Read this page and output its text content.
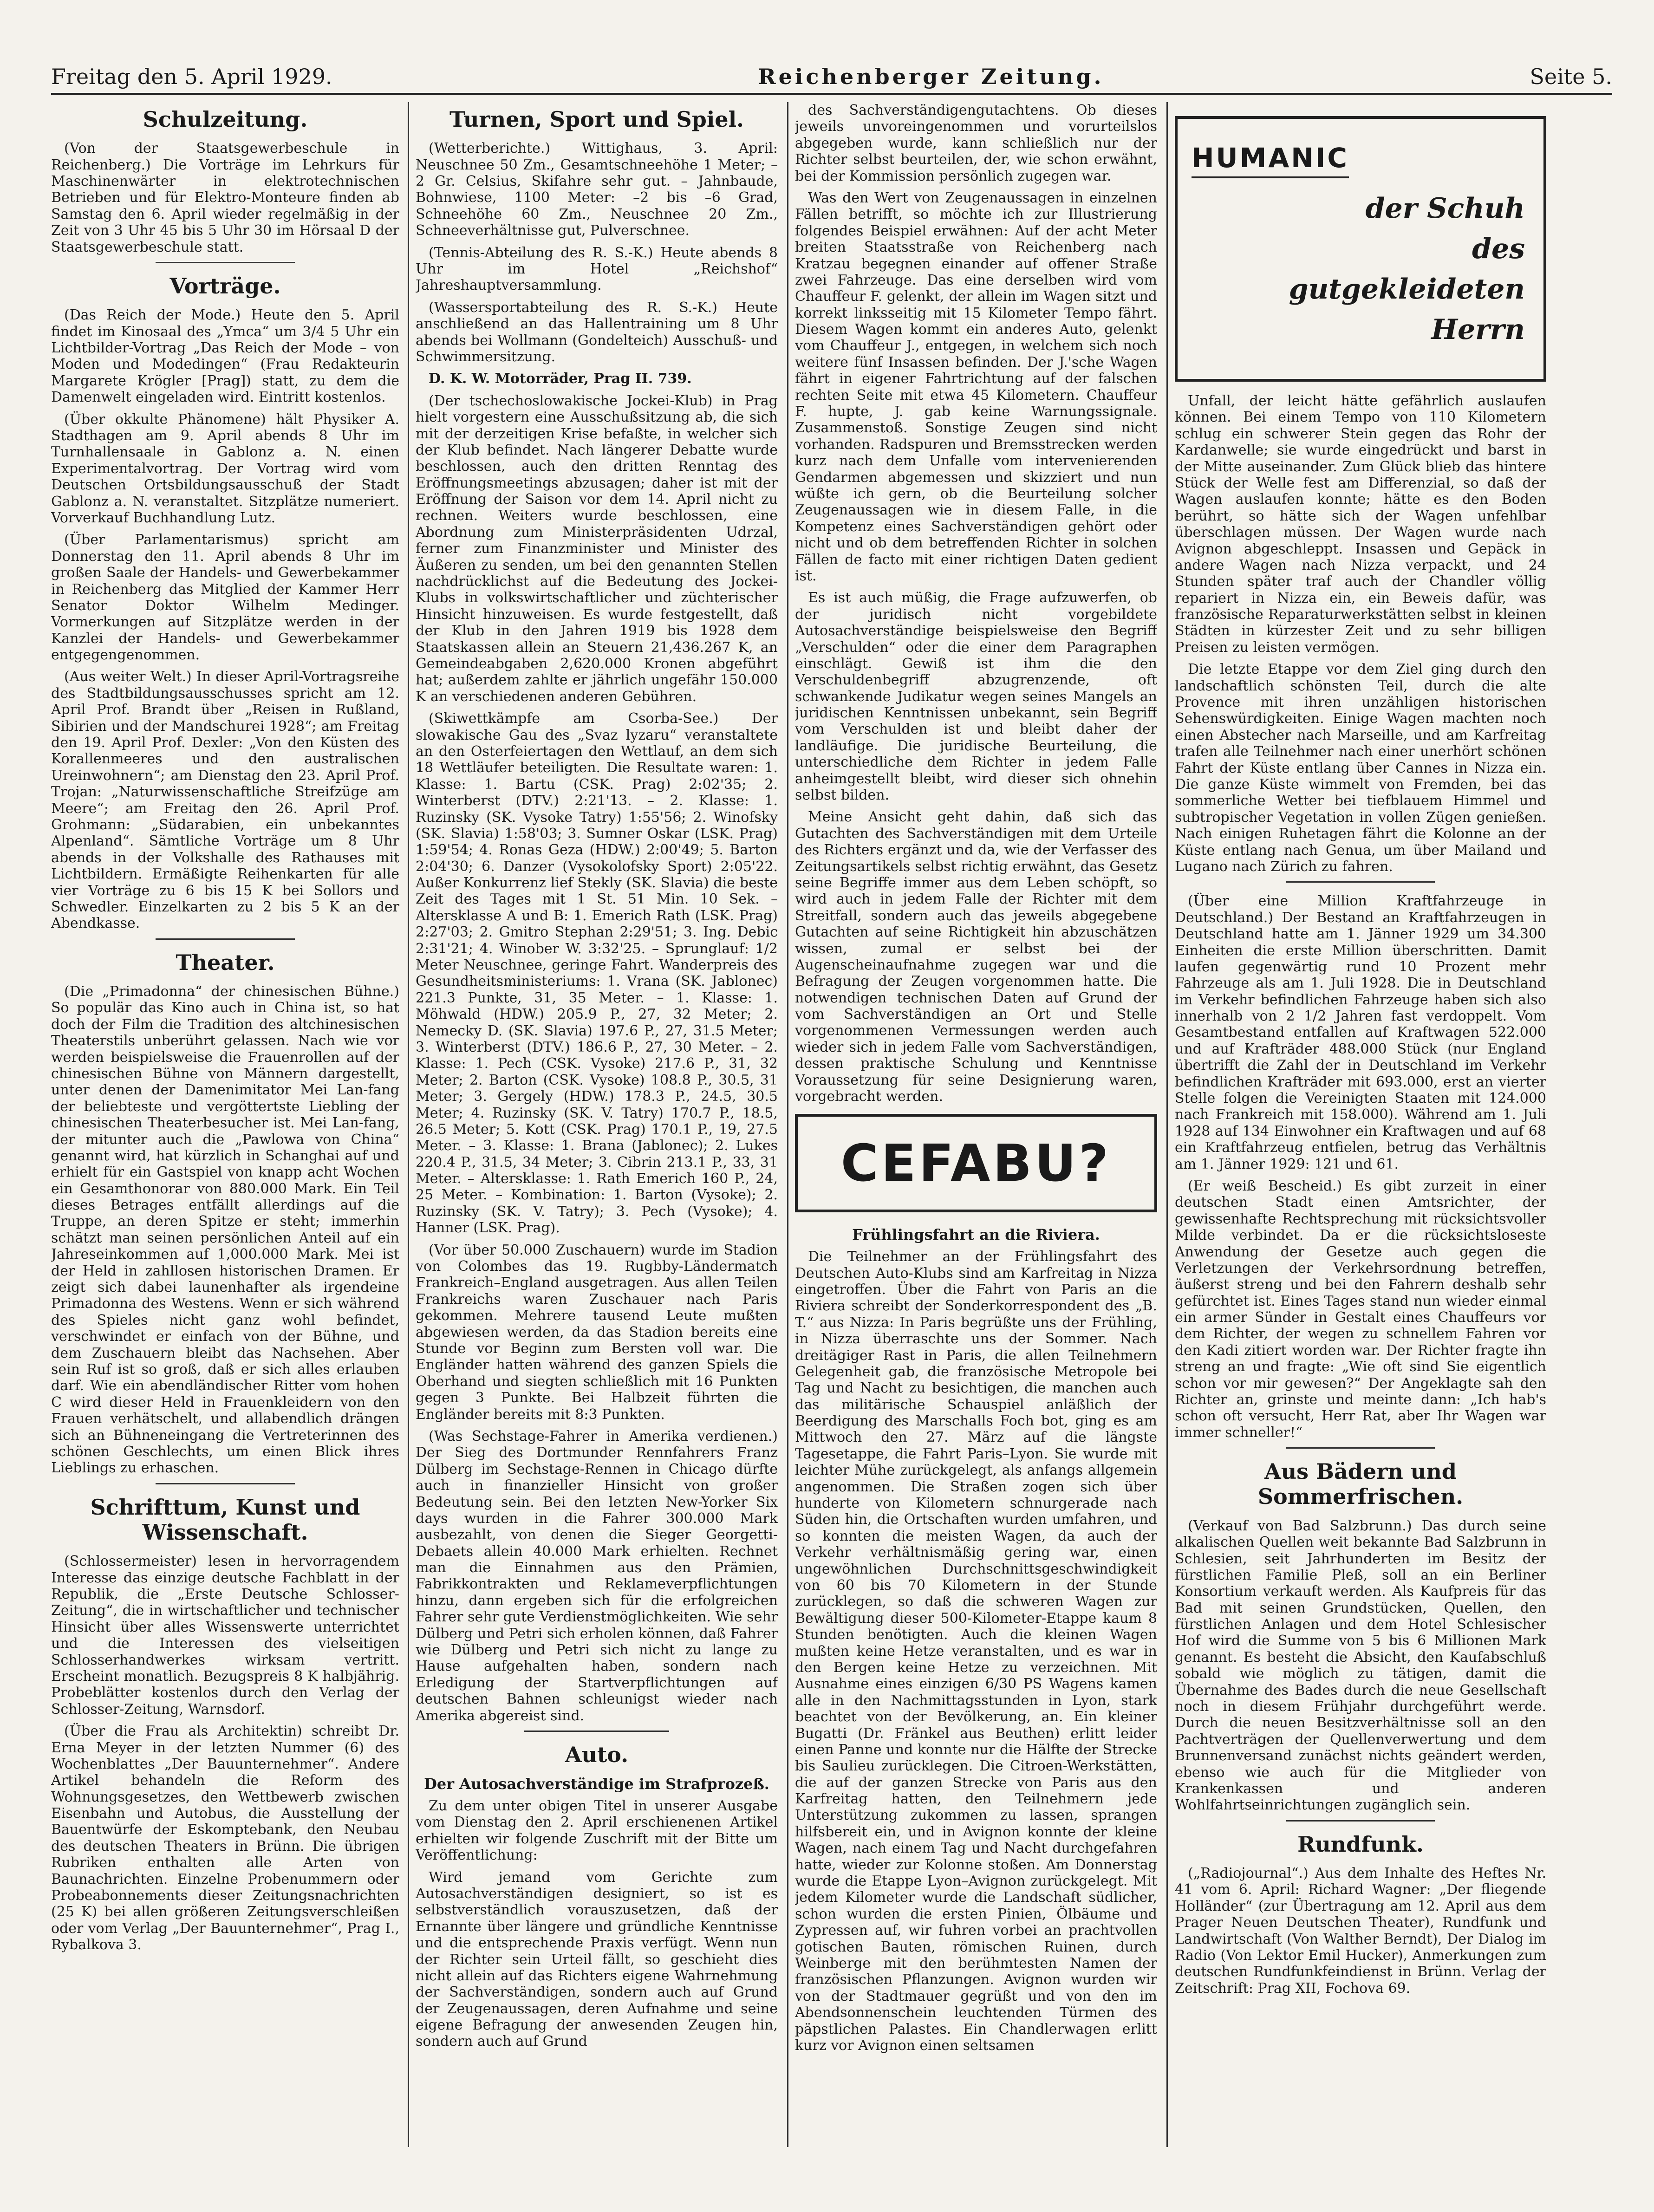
Freitag den 5. April 1929.	Reichenberger Zeitung.	Seite 5.
Schulzeitung.

(Von der Staatsgewerbeschule in Reichenberg.) Die Vorträge im Lehrkurs für Maschinenwärter in elektrotechnischen Betrieben und für Elektro-Monteure finden ab Samstag den 6. April wieder regelmäßig in der Zeit von 3 Uhr 45 bis 5 Uhr 30 im Hörsaal D der Staatsgewerbeschule statt.

Vorträge.

(Das Reich der Mode.) Heute den 5. April findet im Kinosaal des „Ymca“ um 3/4 5 Uhr ein Lichtbilder-Vortrag „Das Reich der Mode – von Moden und Modedingen“ (Frau Redakteurin Margarete Krögler [Prag]) statt, zu dem die Damenwelt eingeladen wird. Eintritt kostenlos.

(Über okkulte Phänomene) hält Physiker A. Stadthagen am 9. April abends 8 Uhr im Turnhallensaale in Gablonz a. N. einen Experimentalvortrag. Der Vortrag wird vom Deutschen Ortsbildungsausschuß der Stadt Gablonz a. N. veranstaltet. Sitzplätze numeriert. Vorverkauf Buchhandlung Lutz.

(Über Parlamentarismus) spricht am Donnerstag den 11. April abends 8 Uhr im großen Saale der Handels- und Gewerbekammer in Reichenberg das Mitglied der Kammer Herr Senator Doktor Wilhelm Medinger. Vormerkungen auf Sitzplätze werden in der Kanzlei der Handels- und Gewerbekammer entgegengenommen.

(Aus weiter Welt.) In dieser April-Vortragsreihe des Stadtbildungsausschusses spricht am 12. April Prof. Brandt über „Reisen in Rußland, Sibirien und der Mandschurei 1928“; am Freitag den 19. April Prof. Dexler: „Von den Küsten des Korallenmeeres und den australischen Ureinwohnern“; am Dienstag den 23. April Prof. Trojan: „Naturwissenschaftliche Streifzüge am Meere“; am Freitag den 26. April Prof. Grohmann: „Südarabien, ein unbekanntes Alpenland“. Sämtliche Vorträge um 8 Uhr abends in der Volkshalle des Rathauses mit Lichtbildern. Ermäßigte Reihenkarten für alle vier Vorträge zu 6 bis 15 K bei Sollors und Schwedler. Einzelkarten zu 2 bis 5 K an der Abendkasse.

Theater.

(Die „Primadonna“ der chinesischen Bühne.) So populär das Kino auch in China ist, so hat doch der Film die Tradition des altchinesischen Theaterstils unberührt gelassen. Nach wie vor werden beispielsweise die Frauenrollen auf der chinesischen Bühne von Männern dargestellt, unter denen der Damenimitator Mei Lan-fang der beliebteste und vergöttertste Liebling der chinesischen Theaterbesucher ist. Mei Lan-fang, der mitunter auch die „Pawlowa von China“ genannt wird, hat kürzlich in Schanghai auf und erhielt für ein Gastspiel von knapp acht Wochen ein Gesamthonorar von 880.000 Mark. Ein Teil dieses Betrages entfällt allerdings auf die Truppe, an deren Spitze er steht; immerhin schätzt man seinen persönlichen Anteil auf ein Jahreseinkommen auf 1,000.000 Mark. Mei ist der Held in zahllosen historischen Dramen. Er zeigt sich dabei launenhafter als irgendeine Primadonna des Westens. Wenn er sich während des Spieles nicht ganz wohl befindet, verschwindet er einfach von der Bühne, und dem Zuschauern bleibt das Nachsehen. Aber sein Ruf ist so groß, daß er sich alles erlauben darf. Wie ein abendländischer Ritter vom hohen C wird dieser Held in Frauenkleidern von den Frauen verhätschelt, und allabendlich drängen sich an Bühneneingang die Vertreterinnen des schönen Geschlechts, um einen Blick ihres Lieblings zu erhaschen.

Schrifttum, Kunst und Wissenschaft.

(Schlossermeister) lesen in hervorragendem Interesse das einzige deutsche Fachblatt in der Republik, die „Erste Deutsche Schlosser-Zeitung“, die in wirtschaftlicher und technischer Hinsicht über alles Wissenswerte unterrichtet und die Interessen des vielseitigen Schlosserhandwerkes wirksam vertritt. Erscheint monatlich. Bezugspreis 8 K halbjährig. Probeblätter kostenlos durch den Verlag der Schlosser-Zeitung, Warnsdorf.

(Über die Frau als Architektin) schreibt Dr. Erna Meyer in der letzten Nummer (6) des Wochenblattes „Der Bauunternehmer“. Andere Artikel behandeln die Reform des Wohnungsgesetzes, den Wettbewerb zwischen Eisenbahn und Autobus, die Ausstellung der Bauentwürfe der Eskomptebank, den Neubau des deutschen Theaters in Brünn. Die übrigen Rubriken enthalten alle Arten von Baunachrichten. Einzelne Probenummern oder Probeabonnements dieser Zeitungsnachrichten (25 K) bei allen größeren Zeitungsverschleißen oder vom Verlag „Der Bauunternehmer“, Prag I., Rybalkova 3.

Turnen, Sport und Spiel.

(Wetterberichte.) Wittighaus, 3. April: Neuschnee 50 Zm., Gesamtschneehöhe 1 Meter; –2 Gr. Celsius, Skifahre sehr gut. – Jahnbaude, Bohnwiese, 1100 Meter: –2 bis –6 Grad, Schneehöhe 60 Zm., Neuschnee 20 Zm., Schneeverhältnisse gut, Pulverschnee.

(Tennis-Abteilung des R. S.-K.) Heute abends 8 Uhr im Hotel „Reichshof“ Jahreshauptversammlung.

(Wassersportabteilung des R. S.-K.) Heute anschließend an das Hallentraining um 8 Uhr abends bei Wollmann (Gondelteich) Ausschuß- und Schwimmersitzung.

D. K. W. Motorräder, Prag II. 739.

(Der tschechoslowakische Jockei-Klub) in Prag hielt vorgestern eine Ausschußsitzung ab, die sich mit der derzeitigen Krise befaßte, in welcher sich der Klub befindet. Nach längerer Debatte wurde beschlossen, auch den dritten Renntag des Eröffnungsmeetings abzusagen; daher ist mit der Eröffnung der Saison vor dem 14. April nicht zu rechnen. Weiters wurde beschlossen, eine Abordnung zum Ministerpräsidenten Udrzal, ferner zum Finanzminister und Minister des Äußeren zu senden, um bei den genannten Stellen nachdrücklichst auf die Bedeutung des Jockei-Klubs in volkswirtschaftlicher und züchterischer Hinsicht hinzuweisen. Es wurde festgestellt, daß der Klub in den Jahren 1919 bis 1928 dem Staatskassen allein an Steuern 21,436.267 K, an Gemeindeabgaben 2,620.000 Kronen abgeführt hat; außerdem zahlte er jährlich ungefähr 150.000 K an verschiedenen anderen Gebühren.

(Skiwettkämpfe am Csorba-See.) Der slowakische Gau des „Svaz lyzaru“ veranstaltete an den Osterfeiertagen den Wettlauf, an dem sich 18 Wettläufer beteiligten. Die Resultate waren: 1. Klasse: 1. Bartu (CSK. Prag) 2:02'35; 2. Winterberst (DTV.) 2:21'13. – 2. Klasse: 1. Ruzinsky (SK. Vysoke Tatry) 1:55'56; 2. Winofsky (SK. Slavia) 1:58'03; 3. Sumner Oskar (LSK. Prag) 1:59'54; 4. Ronas Geza (HDW.) 2:00'49; 5. Barton 2:04'30; 6. Danzer (Vysokolofsky Sport) 2:05'22. Außer Konkurrenz lief Stekly (SK. Slavia) die beste Zeit des Tages mit 1 St. 51 Min. 10 Sek. – Altersklasse A und B: 1. Emerich Rath (LSK. Prag) 2:27'03; 2. Gmitro Stephan 2:29'51; 3. Ing. Debic 2:31'21; 4. Winober W. 3:32'25. – Sprunglauf: 1/2 Meter Neuschnee, geringe Fahrt. Wanderpreis des Gesundheitsministeriums: 1. Vrana (SK. Jablonec) 221.3 Punkte, 31, 35 Meter. – 1. Klasse: 1. Möhwald (HDW.) 205.9 P., 27, 32 Meter; 2. Nemecky D. (SK. Slavia) 197.6 P., 27, 31.5 Meter; 3. Winterberst (DTV.) 186.6 P., 27, 30 Meter. – 2. Klasse: 1. Pech (CSK. Vysoke) 217.6 P., 31, 32 Meter; 2. Barton (CSK. Vysoke) 108.8 P., 30.5, 31 Meter; 3. Gergely (HDW.) 178.3 P., 24.5, 30.5 Meter; 4. Ruzinsky (SK. V. Tatry) 170.7 P., 18.5, 26.5 Meter; 5. Kott (CSK. Prag) 170.1 P., 19, 27.5 Meter. – 3. Klasse: 1. Brana (Jablonec); 2. Lukes 220.4 P., 31.5, 34 Meter; 3. Cibrin 213.1 P., 33, 31 Meter. – Altersklasse: 1. Rath Emerich 160 P., 24, 25 Meter. – Kombination: 1. Barton (Vysoke); 2. Ruzinsky (SK. V. Tatry); 3. Pech (Vysoke); 4. Hanner (LSK. Prag).

(Vor über 50.000 Zuschauern) wurde im Stadion von Colombes das 19. Rugbby-Ländermatch Frankreich–England ausgetragen. Aus allen Teilen Frankreichs waren Zuschauer nach Paris gekommen. Mehrere tausend Leute mußten abgewiesen werden, da das Stadion bereits eine Stunde vor Beginn zum Bersten voll war. Die Engländer hatten während des ganzen Spiels die Oberhand und siegten schließlich mit 16 Punkten gegen 3 Punkte. Bei Halbzeit führten die Engländer bereits mit 8:3 Punkten.

(Was Sechstage-Fahrer in Amerika verdienen.) Der Sieg des Dortmunder Rennfahrers Franz Dülberg im Sechstage-Rennen in Chicago dürfte auch in finanzieller Hinsicht von großer Bedeutung sein. Bei den letzten New-Yorker Six days wurden in die Fahrer 300.000 Mark ausbezahlt, von denen die Sieger Georgetti-Debaets allein 40.000 Mark erhielten. Rechnet man die Einnahmen aus den Prämien, Fabrikkontrakten und Reklameverpflichtungen hinzu, dann ergeben sich für die erfolgreichen Fahrer sehr gute Verdienstmöglichkeiten. Wie sehr Dülberg und Petri sich erholen können, daß Fahrer wie Dülberg und Petri sich nicht zu lange zu Hause aufgehalten haben, sondern nach Erledigung der Startverpflichtungen auf deutschen Bahnen schleunigst wieder nach Amerika abgereist sind.

Auto.
Der Autosachverständige im Strafprozeß.

Zu dem unter obigen Titel in unserer Ausgabe vom Dienstag den 2. April erschienenen Artikel erhielten wir folgende Zuschrift mit der Bitte um Veröffentlichung:

Wird jemand vom Gerichte zum Autosachverständigen designiert, so ist es selbstverständlich vorauszusetzen, daß der Ernannte über längere und gründliche Kenntnisse und die entsprechende Praxis verfügt. Wenn nun der Richter sein Urteil fällt, so geschieht dies nicht allein auf das Richters eigene Wahrnehmung der Sachverständigen, sondern auch auf Grund der Zeugenaussagen, deren Aufnahme und seine eigene Befragung der anwesenden Zeugen hin, sondern auch auf Grund

des Sachverständigengutachtens. Ob dieses jeweils unvoreingenommen und vorurteilslos abgegeben wurde, kann schließlich nur der Richter selbst beurteilen, der, wie schon erwähnt, bei der Kommission persönlich zugegen war.

Was den Wert von Zeugenaussagen in einzelnen Fällen betrifft, so möchte ich zur Illustrierung folgendes Beispiel erwähnen: Auf der acht Meter breiten Staatsstraße von Reichenberg nach Kratzau begegnen einander auf offener Straße zwei Fahrzeuge. Das eine derselben wird vom Chauffeur F. gelenkt, der allein im Wagen sitzt und korrekt linksseitig mit 15 Kilometer Tempo fährt. Diesem Wagen kommt ein anderes Auto, gelenkt vom Chauffeur J., entgegen, in welchem sich noch weitere fünf Insassen befinden. Der J.'sche Wagen fährt in eigener Fahrtrichtung auf der falschen rechten Seite mit etwa 45 Kilometern. Chauffeur F. hupte, J. gab keine Warnungssignale. Zusammenstoß. Sonstige Zeugen sind nicht vorhanden. Radspuren und Bremsstrecken werden kurz nach dem Unfalle vom intervenierenden Gendarmen abgemessen und skizziert und nun wüßte ich gern, ob die Beurteilung solcher Zeugenaussagen wie in diesem Falle, in die Kompetenz eines Sachverständigen gehört oder nicht und ob dem betreffenden Richter in solchen Fällen de facto mit einer richtigen Daten gedient ist.

Es ist auch müßig, die Frage aufzuwerfen, ob der juridisch nicht vorgebildete Autosachverständige beispielsweise den Begriff „Verschulden“ oder die einer dem Paragraphen einschlägt. Gewiß ist ihm die den Verschuldenbegriff abzugrenzende, oft schwankende Judikatur wegen seines Mangels an juridischen Kenntnissen unbekannt, sein Begriff vom Verschulden ist und bleibt daher der landläufige. Die juridische Beurteilung, die unterschiedliche dem Richter in jedem Falle anheimgestellt bleibt, wird dieser sich ohnehin selbst bilden.

Meine Ansicht geht dahin, daß sich das Gutachten des Sachverständigen mit dem Urteile des Richters ergänzt und da, wie der Verfasser des Zeitungsartikels selbst richtig erwähnt, das Gesetz seine Begriffe immer aus dem Leben schöpft, so wird auch in jedem Falle der Richter mit dem Streitfall, sondern auch das jeweils abgegebene Gutachten auf seine Richtigkeit hin abzuschätzen wissen, zumal er selbst bei der Augenscheinaufnahme zugegen war und die Befragung der Zeugen vorgenommen hatte. Die notwendigen technischen Daten auf Grund der vom Sachverständigen an Ort und Stelle vorgenommenen Vermessungen werden auch wieder sich in jedem Falle vom Sachverständigen, dessen praktische Schulung und Kenntnisse Voraussetzung für seine Designierung waren, vorgebracht werden.

CEFABU?
Frühlingsfahrt an die Riviera.

Die Teilnehmer an der Frühlingsfahrt des Deutschen Auto-Klubs sind am Karfreitag in Nizza eingetroffen. Über die Fahrt von Paris an die Riviera schreibt der Sonderkorrespondent des „B. T.“ aus Nizza: In Paris begrüßte uns der Frühling, in Nizza überraschte uns der Sommer. Nach dreitägiger Rast in Paris, die allen Teilnehmern Gelegenheit gab, die französische Metropole bei Tag und Nacht zu besichtigen, die manchen auch das militärische Schauspiel anläßlich der Beerdigung des Marschalls Foch bot, ging es am Mittwoch den 27. März auf die längste Tagesetappe, die Fahrt Paris–Lyon. Sie wurde mit leichter Mühe zurückgelegt, als anfangs allgemein angenommen. Die Straßen zogen sich über hunderte von Kilometern schnurgerade nach Süden hin, die Ortschaften wurden umfahren, und so konnten die meisten Wagen, da auch der Verkehr verhältnismäßig gering war, einen ungewöhnlichen Durchschnittsgeschwindigkeit von 60 bis 70 Kilometern in der Stunde zurücklegen, so daß die schweren Wagen zur Bewältigung dieser 500-Kilometer-Etappe kaum 8 Stunden benötigten. Auch die kleinen Wagen mußten keine Hetze veranstalten, und es war in den Bergen keine Hetze zu verzeichnen. Mit Ausnahme eines einzigen 6/30 PS Wagens kamen alle in den Nachmittagsstunden in Lyon, stark beachtet von der Bevölkerung, an. Ein kleiner Bugatti (Dr. Fränkel aus Beuthen) erlitt leider einen Panne und konnte nur die Hälfte der Strecke bis Saulieu zurücklegen. Die Citroen-Werkstätten, die auf der ganzen Strecke von Paris aus den Karfreitag hatten, den Teilnehmern jede Unterstützung zukommen zu lassen, sprangen hilfsbereit ein, und in Avignon konnte der kleine Wagen, nach einem Tag und Nacht durchgefahren hatte, wieder zur Kolonne stoßen. Am Donnerstag wurde die Etappe Lyon–Avignon zurückgelegt. Mit jedem Kilometer wurde die Landschaft südlicher, schon wurden die ersten Pinien, Ölbäume und Zypressen auf, wir fuhren vorbei an prachtvollen gotischen Bauten, römischen Ruinen, durch Weinberge mit den berühmtesten Namen der französischen Pflanzungen. Avignon wurden wir von der Stadtmauer gegrüßt und von den im Abendsonnenschein leuchtenden Türmen des päpstlichen Palastes. Ein Chandlerwagen erlitt kurz vor Avignon einen seltsamen

HUMANIC
der Schuh
des
gutgekleideten
Herrn

Unfall, der leicht hätte gefährlich auslaufen können. Bei einem Tempo von 110 Kilometern schlug ein schwerer Stein gegen das Rohr der Kardanwelle; sie wurde eingedrückt und barst in der Mitte auseinander. Zum Glück blieb das hintere Stück der Welle fest am Differenzial, so daß der Wagen auslaufen konnte; hätte es den Boden berührt, so hätte sich der Wagen unfehlbar überschlagen müssen. Der Wagen wurde nach Avignon abgeschleppt. Insassen und Gepäck in andere Wagen nach Nizza verpackt, und 24 Stunden später traf auch der Chandler völlig repariert in Nizza ein, ein Beweis dafür, was französische Reparaturwerkstätten selbst in kleinen Städten in kürzester Zeit und zu sehr billigen Preisen zu leisten vermögen.

Die letzte Etappe vor dem Ziel ging durch den landschaftlich schönsten Teil, durch die alte Provence mit ihren unzähligen historischen Sehenswürdigkeiten. Einige Wagen machten noch einen Abstecher nach Marseille, und am Karfreitag trafen alle Teilnehmer nach einer unerhört schönen Fahrt der Küste entlang über Cannes in Nizza ein. Die ganze Küste wimmelt von Fremden, bei das sommerliche Wetter bei tiefblauem Himmel und subtropischer Vegetation in vollen Zügen genießen. Nach einigen Ruhetagen fährt die Kolonne an der Küste entlang nach Genua, um über Mailand und Lugano nach Zürich zu fahren.

(Über eine Million Kraftfahrzeuge in Deutschland.) Der Bestand an Kraftfahrzeugen in Deutschland hatte am 1. Jänner 1929 um 34.300 Einheiten die erste Million überschritten. Damit laufen gegenwärtig rund 10 Prozent mehr Fahrzeuge als am 1. Juli 1928. Die in Deutschland im Verkehr befindlichen Fahrzeuge haben sich also innerhalb von 2 1/2 Jahren fast verdoppelt. Vom Gesamtbestand entfallen auf Kraftwagen 522.000 und auf Krafträder 488.000 Stück (nur England übertrifft die Zahl der in Deutschland im Verkehr befindlichen Krafträder mit 693.000, erst an vierter Stelle folgen die Vereinigten Staaten mit 124.000 nach Frankreich mit 158.000). Während am 1. Juli 1928 auf 134 Einwohner ein Kraftwagen und auf 68 ein Kraftfahrzeug entfielen, betrug das Verhältnis am 1. Jänner 1929: 121 und 61.

(Er weiß Bescheid.) Es gibt zurzeit in einer deutschen Stadt einen Amtsrichter, der gewissenhafte Rechtsprechung mit rücksichtsvoller Milde verbindet. Da er die rücksichtsloseste Anwendung der Gesetze auch gegen die Verletzungen der Verkehrsordnung betreffen, äußerst streng und bei den Fahrern deshalb sehr gefürchtet ist. Eines Tages stand nun wieder einmal ein armer Sünder in Gestalt eines Chauffeurs vor dem Richter, der wegen zu schnellem Fahren vor den Kadi zitiert worden war. Der Richter fragte ihn streng an und fragte: „Wie oft sind Sie eigentlich schon vor mir gewesen?“ Der Angeklagte sah den Richter an, grinste und meinte dann: „Ich hab's schon oft versucht, Herr Rat, aber Ihr Wagen war immer schneller!“

Aus Bädern und Sommerfrischen.

(Verkauf von Bad Salzbrunn.) Das durch seine alkalischen Quellen weit bekannte Bad Salzbrunn in Schlesien, seit Jahrhunderten im Besitz der fürstlichen Familie Pleß, soll an ein Berliner Konsortium verkauft werden. Als Kaufpreis für das Bad mit seinen Grundstücken, Quellen, den fürstlichen Anlagen und dem Hotel Schlesischer Hof wird die Summe von 5 bis 6 Millionen Mark genannt. Es besteht die Absicht, den Kaufabschluß sobald wie möglich zu tätigen, damit die Übernahme des Bades durch die neue Gesellschaft noch in diesem Frühjahr durchgeführt werde. Durch die neuen Besitzverhältnisse soll an den Pachtverträgen der Quellenverwertung und dem Brunnenversand zunächst nichts geändert werden, ebenso wie auch für die Mitglieder von Krankenkassen und anderen Wohlfahrtseinrichtungen zugänglich sein.

Rundfunk.

(„Radiojournal“.) Aus dem Inhalte des Heftes Nr. 41 vom 6. April: Richard Wagner: „Der fliegende Holländer“ (zur Übertragung am 12. April aus dem Prager Neuen Deutschen Theater), Rundfunk und Landwirtschaft (Von Walther Berndt), Der Dialog im Radio (Von Lektor Emil Hucker), Anmerkungen zum deutschen Rundfunkfeindienst in Brünn. Verlag der Zeitschrift: Prag XII, Fochova 69.
